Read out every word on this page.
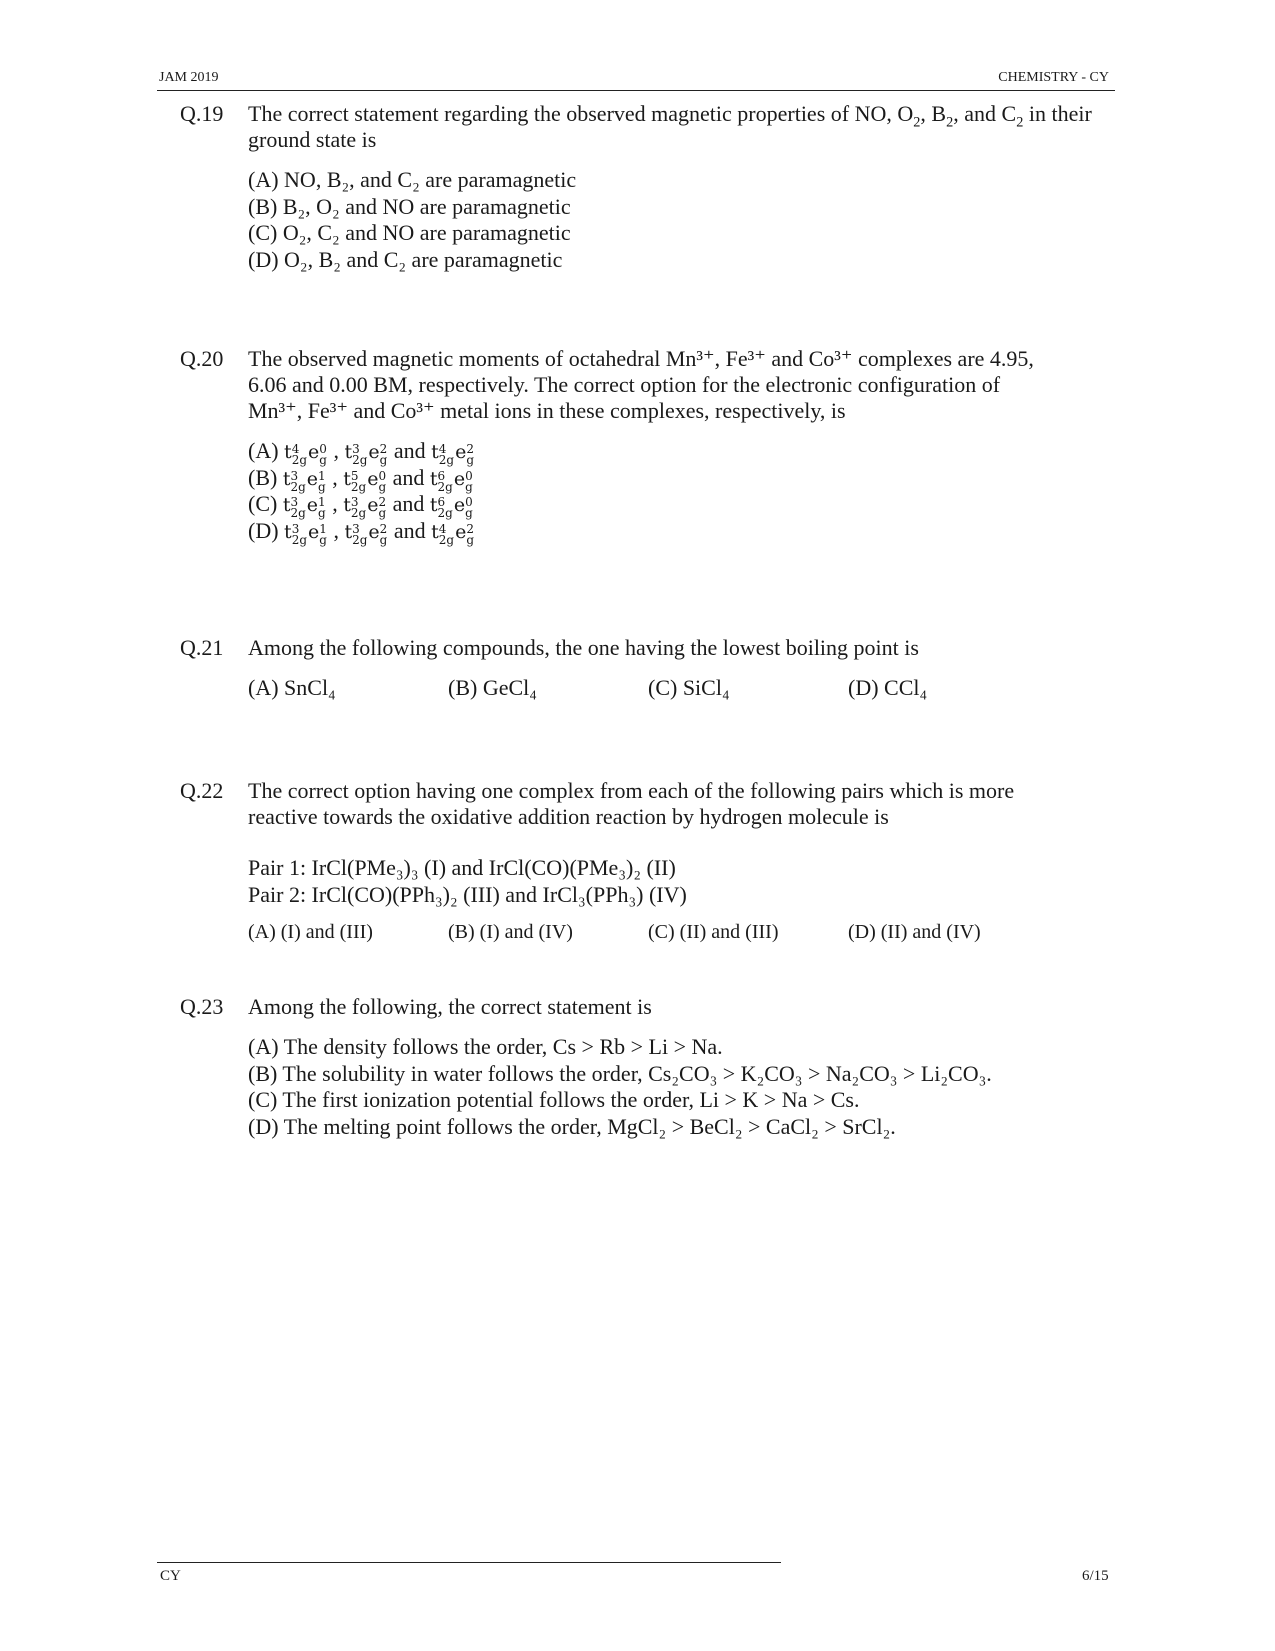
JAM 2019	CHEMISTRY - CY
Q.19 The correct statement regarding the observed magnetic properties of NO, $O_2$, $B_2$, and $C_2$ in their ground state is
(A) NO, B₂, and C₂ are paramagnetic
(B) B₂, O₂ and NO are paramagnetic
(C) O₂, C₂ and NO are paramagnetic
(D) O₂, B₂ and C₂ are paramagnetic
Q.20 The observed magnetic moments of octahedral Mn³⁺, Fe³⁺ and Co³⁺ complexes are 4.95,
6.06 and 0.00 BM, respectively. The correct option for the electronic configuration of
Mn³⁺, Fe³⁺ and Co³⁺ metal ions in these complexes, respectively, is
(A) t 4
2g e 0
g , t 3
2g e 2
g and t 4
2g e 2
g
(B) t 3
2g e 1
g , t 5
2g e 0
g and t 6
2g e 0
g
(C) t 3
2g e 1
g , t 3
2g e 2
g and t 6
2g e 0
g
(D) t 3
2g e 1
g , t 3
2g e 2
g and t 4
2g e 2
g
Q.21 Among the following compounds, the one having the lowest boiling point is
(A) SnCl₄	(B) GeCl₄	(C) SiCl₄	(D) CCl₄
Q.22 The correct option having one complex from each of the following pairs which is more
reactive towards the oxidative addition reaction by hydrogen molecule is
Pair 1: IrCl(PMe₃)₃ (I) and IrCl(CO)(PMe₃)₂ (II)
Pair 2: IrCl(CO)(PPh₃)₂ (III) and IrCl₃(PPh₃) (IV)
(A) (I) and (III)	(B) (I) and (IV)	(C) (II) and (III)	(D) (II) and (IV)
Q.23 Among the following, the correct statement is
(A) The density follows the order, Cs > Rb > Li > Na.
(B) The solubility in water follows the order, Cs₂CO₃ > K₂CO₃ > Na₂CO₃ > Li₂CO₃.
(C) The first ionization potential follows the order, Li > K > Na > Cs.
(D) The melting point follows the order, MgCl₂ > BeCl₂ > CaCl₂ > SrCl₂.
CY	6/15
